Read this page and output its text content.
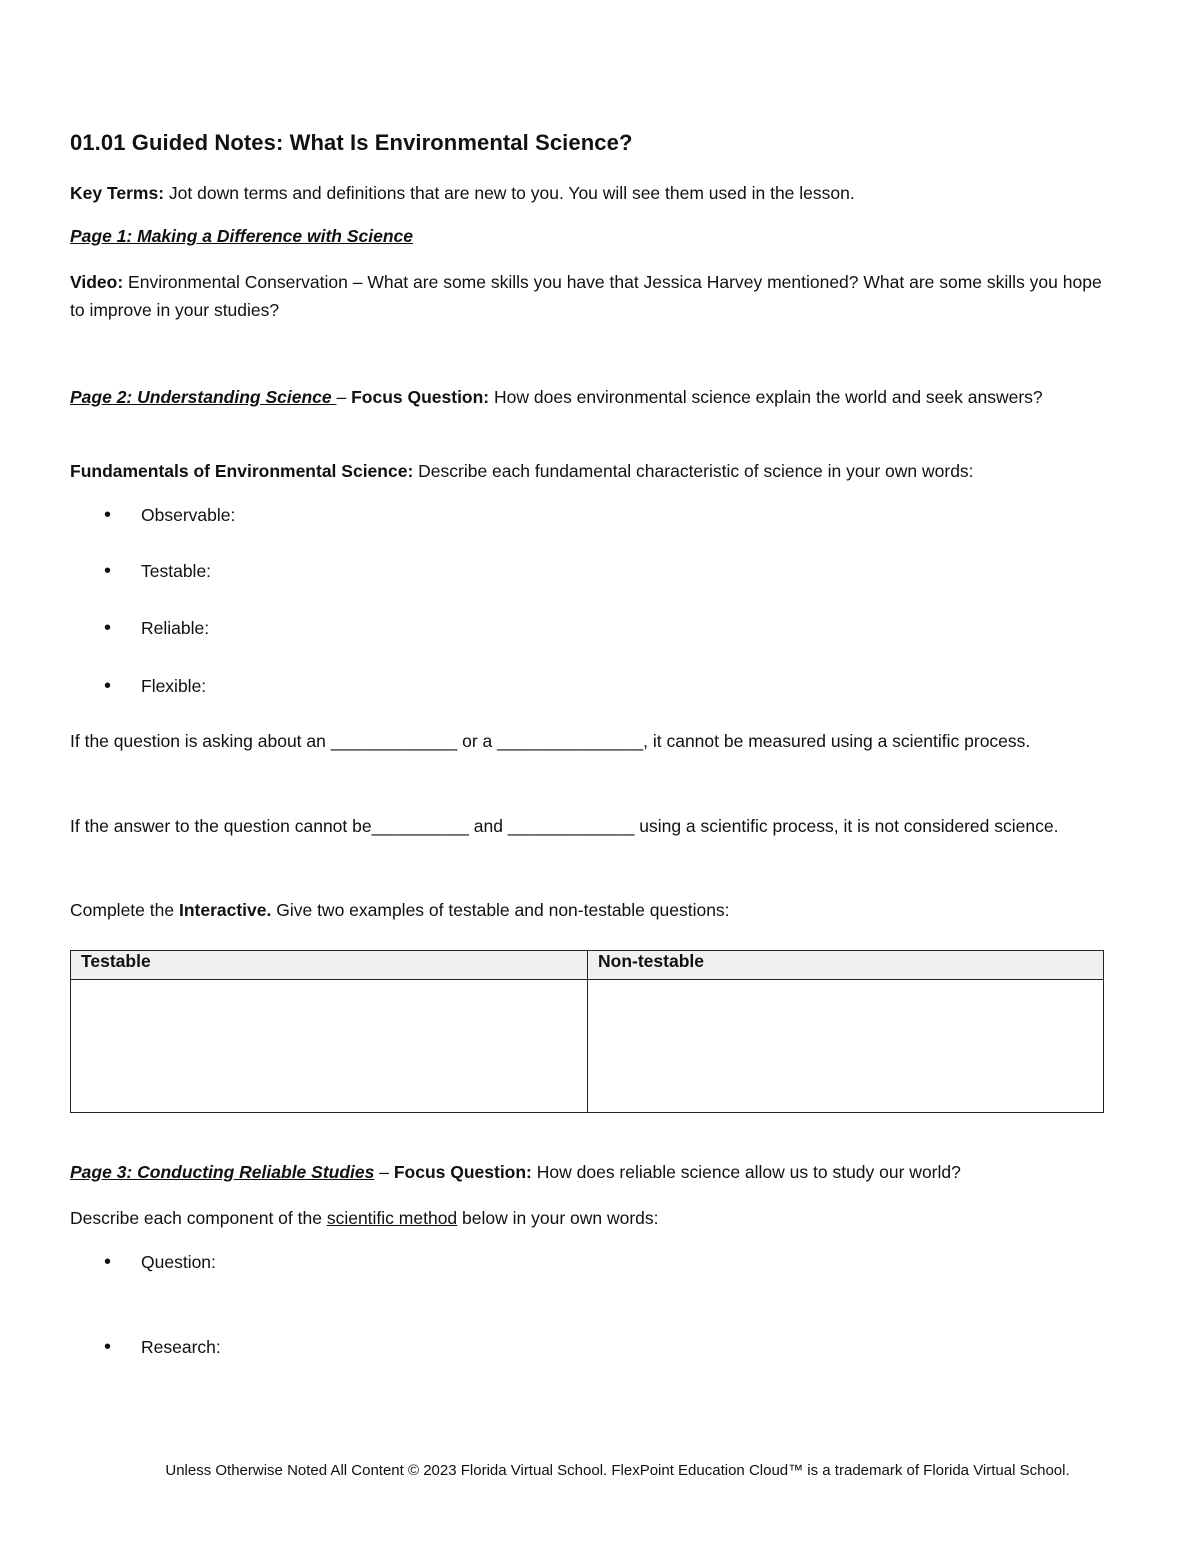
01.01 Guided Notes: What Is Environmental Science?
Key Terms: Jot down terms and definitions that are new to you. You will see them used in the lesson.
Page 1: Making a Difference with Science
Video: Environmental Conservation – What are some skills you have that Jessica Harvey mentioned? What are some skills you hope to improve in your studies?
Page 2: Understanding Science – Focus Question: How does environmental science explain the world and seek answers?
Fundamentals of Environmental Science: Describe each fundamental characteristic of science in your own words:
• Observable:
• Testable:
• Reliable:
• Flexible:
If the question is asking about an _____________ or a _______________, it cannot be measured using a scientific process.
If the answer to the question cannot be__________ and _____________ using a scientific process, it is not considered science.
Complete the Interactive. Give two examples of testable and non-testable questions:
Testable	Non-testable

Page 3: Conducting Reliable Studies – Focus Question: How does reliable science allow us to study our world?
Describe each component of the scientific method below in your own words:
• Question:
• Research:
Unless Otherwise Noted All Content © 2023 Florida Virtual School. FlexPoint Education Cloud™ is a trademark of Florida Virtual School.
